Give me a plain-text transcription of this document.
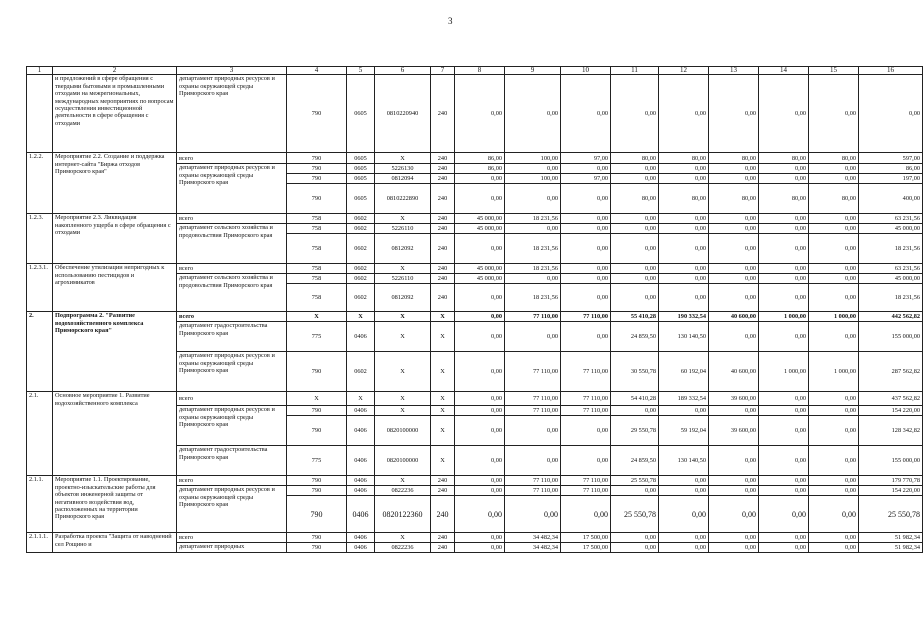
3
1	2	3	4	5	6	7	8	9	10	11	12	13	14	15	16
	и предложений в сфере обращения с твердыми бытовыми и промышленными отходами на межрегиональных, международных мероприятиях по вопросам осуществления инвестиционной деятельности в сфере обращения с отходами	департамент природных ресурсов и охраны окружающей среды Приморского края	790	0605	0810220940	240	0,00	0,00	0,00	0,00	0,00	0,00	0,00	0,00	0,00
1.2.2.	Мероприятие 2.2. Создание и поддержка интернет-сайта "Биржа отходов Приморского края"	всего	790	0605	X	240	86,00	100,00	97,00	80,00	80,00	80,00	80,00	80,00	597,00
		департамент природных ресурсов и охраны окружающей среды Приморского края	790	0605	5226130	240	86,00	0,00	0,00	0,00	0,00	0,00	0,00	0,00	86,00
			790	0605	0812094	240	0,00	100,00	97,00	0,00	0,00	0,00	0,00	0,00	197,00
			790	0605	0810222890	240	0,00	0,00	0,00	80,00	80,00	80,00	80,00	80,00	400,00
1.2.3.	Мероприятие 2.3. Ликвидация накопленного ущерба в сфере обращения с отходами	всего	758	0602	X	240	45 000,00	18 231,56	0,00	0,00	0,00	0,00	0,00	0,00	63 231,56
		департамент сельского хозяйства и продовольствия Приморского края	758	0602	5226110	240	45 000,00	0,00	0,00	0,00	0,00	0,00	0,00	0,00	45 000,00
			758	0602	0812092	240	0,00	18 231,56	0,00	0,00	0,00	0,00	0,00	0,00	18 231,56
1.2.3.1.	Обеспечение утилизации непригодных к использованию пестицидов и агрохимикатов	всего	758	0602	X	240	45 000,00	18 231,56	0,00	0,00	0,00	0,00	0,00	0,00	63 231,56
		департамент сельского хозяйства и продовольствия Приморского края	758	0602	5226110	240	45 000,00	0,00	0,00	0,00	0,00	0,00	0,00	0,00	45 000,00
			758	0602	0812092	240	0,00	18 231,56	0,00	0,00	0,00	0,00	0,00	0,00	18 231,56
2.	Подпрограмма 2. "Развитие водохозяйственного комплекса Приморского края"	всего	X	X	X	X	0,00	77 110,00	77 110,00	55 410,28	190 332,54	40 600,00	1 000,00	1 000,00	442 562,82
		департамент градостроительства Приморского края	775	0406	X	X	0,00	0,00	0,00	24 859,50	130 140,50	0,00	0,00	0,00	155 000,00
		департамент природных ресурсов и охраны окружающей среды Приморского края	790	0602	X	X	0,00	77 110,00	77 110,00	30 550,78	60 192,04	40 600,00	1 000,00	1 000,00	287 562,82
2.1.	Основное мероприятие 1. Развитие водохозяйственного комплекса	всего	X	X	X	X	0,00	77 110,00	77 110,00	54 410,28	189 332,54	39 600,00	0,00	0,00	437 562,82
		департамент природных ресурсов и охраны окружающей среды Приморского края	790	0406	X	X	0,00	77 110,00	77 110,00	0,00	0,00	0,00	0,00	0,00	154 220,00
			790	0406	0820100000	X	0,00	0,00	0,00	29 550,78	59 192,04	39 600,00	0,00	0,00	128 342,82
		департамент градостроительства Приморского края	775	0406	0820100000	X	0,00	0,00	0,00	24 859,50	130 140,50	0,00	0,00	0,00	155 000,00
2.1.1.	Мероприятие 1.1. Проектирование, проектно-изыскательские работы для объектов инженерной защиты от негативного воздействия вод, расположенных на территории Приморского края	всего	790	0406	X	240	0,00	77 110,00	77 110,00	25 550,78	0,00	0,00	0,00	0,00	179 770,78
		департамент природных ресурсов и охраны окружающей среды Приморского края	790	0406	0822236	240	0,00	77 110,00	77 110,00	0,00	0,00	0,00	0,00	0,00	154 220,00
			790	0406	0820122360	240	0,00	0,00	0,00	25 550,78	0,00	0,00	0,00	0,00	25 550,78
2.1.1.1.	Разработка проекта "Защита от наводнений сел Рощино и	всего	790	0406	X	240	0,00	34 482,34	17 500,00	0,00	0,00	0,00	0,00	0,00	51 982,34
		департамент природных	790	0406	0822236	240	0,00	34 482,34	17 500,00	0,00	0,00	0,00	0,00	0,00	51 982,34
